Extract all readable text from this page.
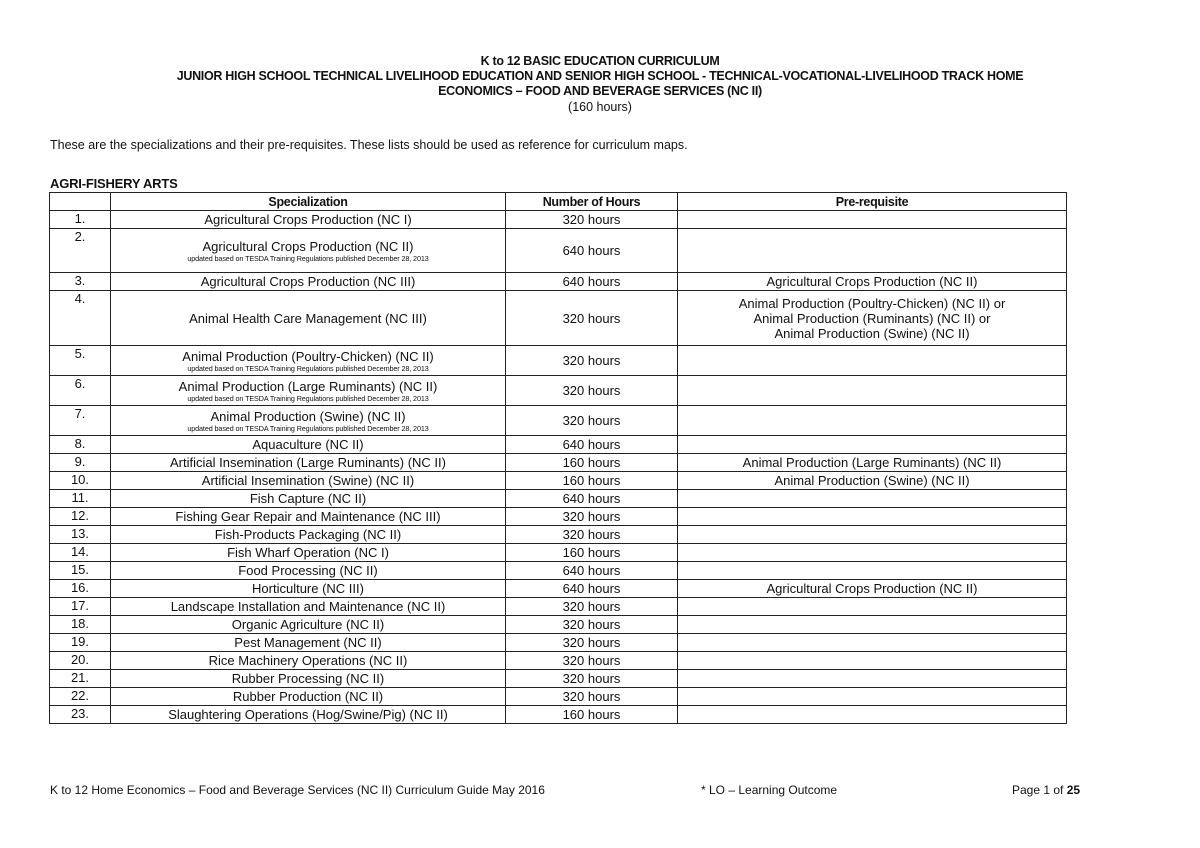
K to 12 BASIC EDUCATION CURRICULUM
JUNIOR HIGH SCHOOL TECHNICAL LIVELIHOOD EDUCATION AND SENIOR HIGH SCHOOL - TECHNICAL-VOCATIONAL-LIVELIHOOD TRACK HOME
ECONOMICS – FOOD AND BEVERAGE SERVICES (NC II)
(160 hours)
These are the specializations and their pre-requisites. These lists should be used as reference for curriculum maps.
AGRI-FISHERY ARTS
	Specialization	Number of Hours	Pre-requisite
1.	Agricultural Crops Production (NC I)	320 hours	
2.	Agricultural Crops Production (NC II)
updated based on TESDA Training Regulations published December 28, 2013	640 hours	
3.	Agricultural Crops Production (NC III)	640 hours	Agricultural Crops Production (NC II)

4.	Animal Health Care Management (NC III)	320 hours	Animal Production (Poultry-Chicken) (NC II) or
Animal Production (Ruminants) (NC II) or
Animal Production (Swine) (NC II)

5.	Animal Production (Poultry-Chicken) (NC II)
updated based on TESDA Training Regulations published December 28, 2013	320 hours	
6.	Animal Production (Large Ruminants) (NC II)
updated based on TESDA Training Regulations published December 28, 2013	320 hours	
7.	Animal Production (Swine) (NC II)
updated based on TESDA Training Regulations published December 28, 2013	320 hours	
8.	Aquaculture (NC II)	640 hours	
9.	Artificial Insemination (Large Ruminants) (NC II)	160 hours	Animal Production (Large Ruminants) (NC II)

10.	Artificial Insemination (Swine) (NC II)	160 hours	Animal Production (Swine) (NC II)

11.	Fish Capture (NC II)	640 hours	
12.	Fishing Gear Repair and Maintenance (NC III)	320 hours	
13.	Fish-Products Packaging (NC II)	320 hours	
14.	Fish Wharf Operation (NC I)	160 hours	
15.	Food Processing (NC II)	640 hours	
16.	Horticulture (NC III)	640 hours	Agricultural Crops Production (NC II)

17.	Landscape Installation and Maintenance (NC II)	320 hours	
18.	Organic Agriculture (NC II)	320 hours	
19.	Pest Management (NC II)	320 hours	
20.	Rice Machinery Operations (NC II)	320 hours	
21.	Rubber Processing (NC II)	320 hours	
22.	Rubber Production (NC II)	320 hours	
23.	Slaughtering Operations (Hog/Swine/Pig) (NC II)	160 hours	
K to 12 Home Economics – Food and Beverage Services (NC II) Curriculum Guide May 2016	* LO – Learning Outcome	Page 1 of 25
